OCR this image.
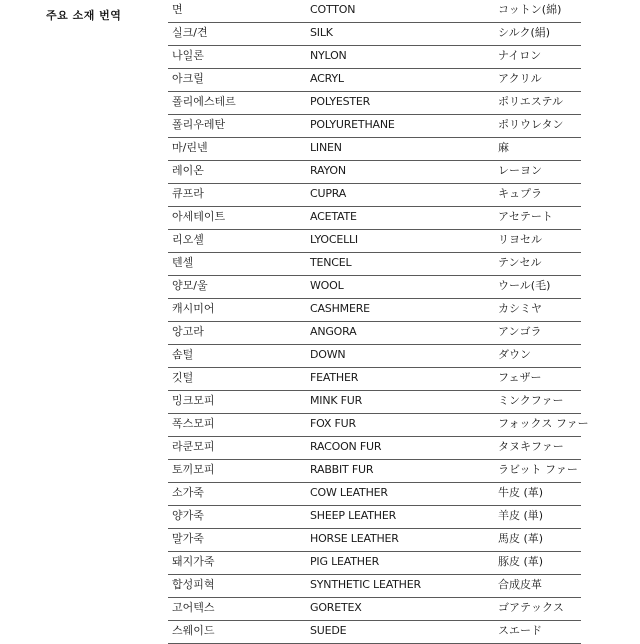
주요 소재 번역	면	COTTON	コットン(綿)
실크/견	SILK	シルク(絹)
나일론	NYLON	ナイロン
아크릴	ACRYL	アクリル
폴리에스테르	POLYESTER	ポリエステル
폴리우레탄	POLYURETHANE	ポリウレタン
마/린넨	LINEN	麻
레이온	RAYON	レーヨン
큐프라	CUPRA	キュプラ
아세테이트	ACETATE	アセテート
리오셀	LYOCELLI	リヨセル
텐셀	TENCEL	テンセル
양모/울	WOOL	ウール(毛)
캐시미어	CASHMERE	カシミヤ
앙고라	ANGORA	アンゴラ
솜털	DOWN	ダウン
깃털	FEATHER	フェザー
밍크모피	MINK FUR	ミンクファー
폭스모피	FOX FUR	フォックス ファー
라쿤모피	RACOON FUR	タヌキファー
토끼모피	RABBIT FUR	ラビット ファー
소가죽	COW LEATHER	牛皮 (革)
양가죽	SHEEP LEATHER	羊皮 (単)
말가죽	HORSE LEATHER	馬皮 (革)
돼지가죽	PIG LEATHER	豚皮 (革)
합성피혁	SYNTHETIC LEATHER	合成皮革
고어텍스	GORETEX	ゴアテックス
스웨이드	SUEDE	スエード
